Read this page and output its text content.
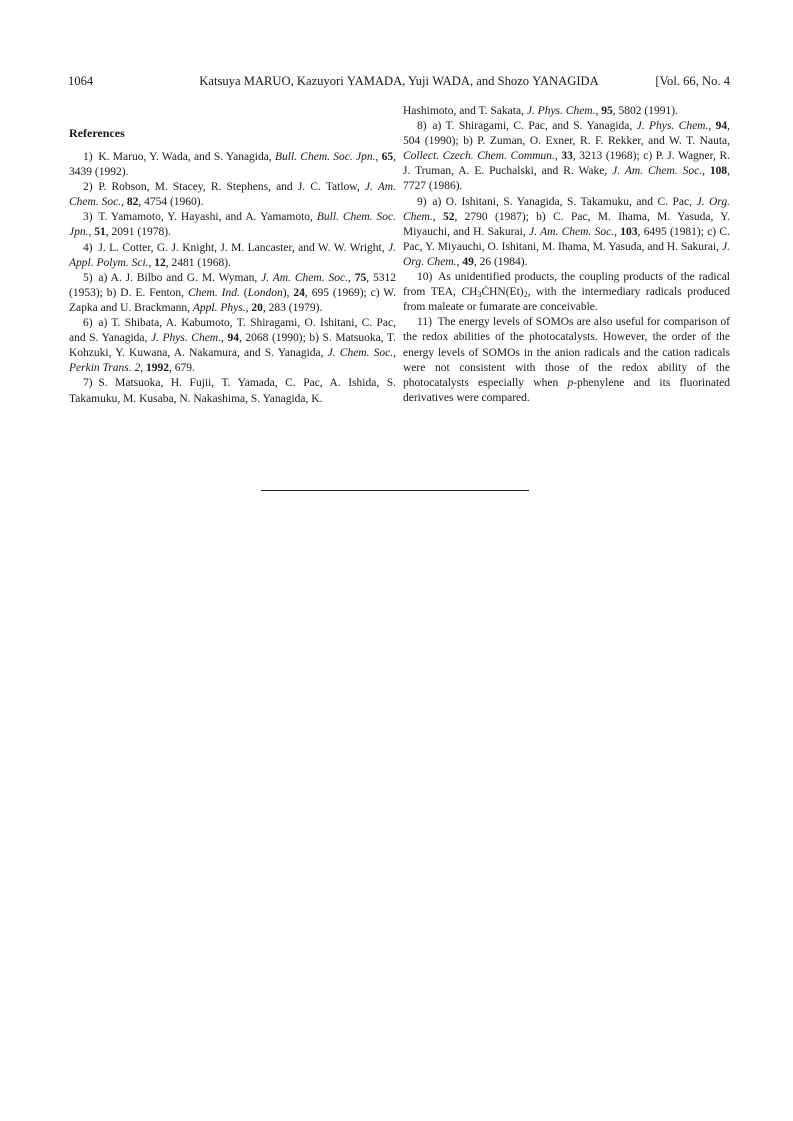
1064	Katsuya MARUO, Kazuyori YAMADA, Yuji WADA, and Shozo YANAGIDA	[Vol. 66, No. 4
References

1)  K. Maruo, Y. Wada, and S. Yanagida, Bull. Chem. Soc. Jpn., 65, 3439 (1992).

2)  P. Robson, M. Stacey, R. Stephens, and J. C. Tatlow, J. Am. Chem. Soc., 82, 4754 (1960).

3)  T. Yamamoto, Y. Hayashi, and A. Yamamoto, Bull. Chem. Soc. Jpn., 51, 2091 (1978).

4)  J. L. Cotter, G. J. Knight, J. M. Lancaster, and W. W. Wright, J. Appl. Polym. Sci., 12, 2481 (1968).

5)  a) A. J. Bilbo and G. M. Wyman, J. Am. Chem. Soc., 75, 5312 (1953); b) D. E. Fenton, Chem. Ind. (London), 24, 695 (1969); c) W. Zapka and U. Brackmann, Appl. Phys., 20, 283 (1979).

6)  a) T. Shibata, A. Kabumoto, T. Shiragami, O. Ishitani, C. Pac, and S. Yanagida, J. Phys. Chem., 94, 2068 (1990); b) S. Matsuoka, T. Kohzuki, Y. Kuwana, A. Nakamura, and S. Yanagida, J. Chem. Soc., Perkin Trans. 2, 1992, 679.

7)  S. Matsuoka, H. Fujii, T. Yamada, C. Pac, A. Ishida, S. Takamuku, M. Kusaba, N. Nakashima, S. Yanagida, K.

Hashimoto, and T. Sakata, J. Phys. Chem., 95, 5802 (1991).

8)  a) T. Shiragami, C. Pac, and S. Yanagida, J. Phys. Chem., 94, 504 (1990); b) P. Zuman, O. Exner, R. F. Rekker, and W. T. Nauta, Collect. Czech. Chem. Commun., 33, 3213 (1968); c) P. J. Wagner, R. J. Truman, A. E. Puchalski, and R. Wake, J. Am. Chem. Soc., 108, 7727 (1986).

9)  a) O. Ishitani, S. Yanagida, S. Takamuku, and C. Pac, J. Org. Chem., 52, 2790 (1987); b) C. Pac, M. Ihama, M. Yasuda, Y. Miyauchi, and H. Sakurai, J. Am. Chem. Soc., 103, 6495 (1981); c) C. Pac, Y. Miyauchi, O. Ishitani, M. Ihama, M. Yasuda, and H. Sakurai, J. Org. Chem., 49, 26 (1984).

10)  As unidentified products, the coupling products of the radical from TEA, $CH_3ĊHN(Et)_2$, with the intermediary radicals produced from maleate or fumarate are conceivable.

11)  The energy levels of SOMOs are also useful for comparison of the redox abilities of the photocatalysts. However, the order of the energy levels of SOMOs in the anion radicals and the cation radicals were not consistent with those of the redox ability of the photocatalysts especially when p-phenylene and its fluorinated derivatives were compared.
